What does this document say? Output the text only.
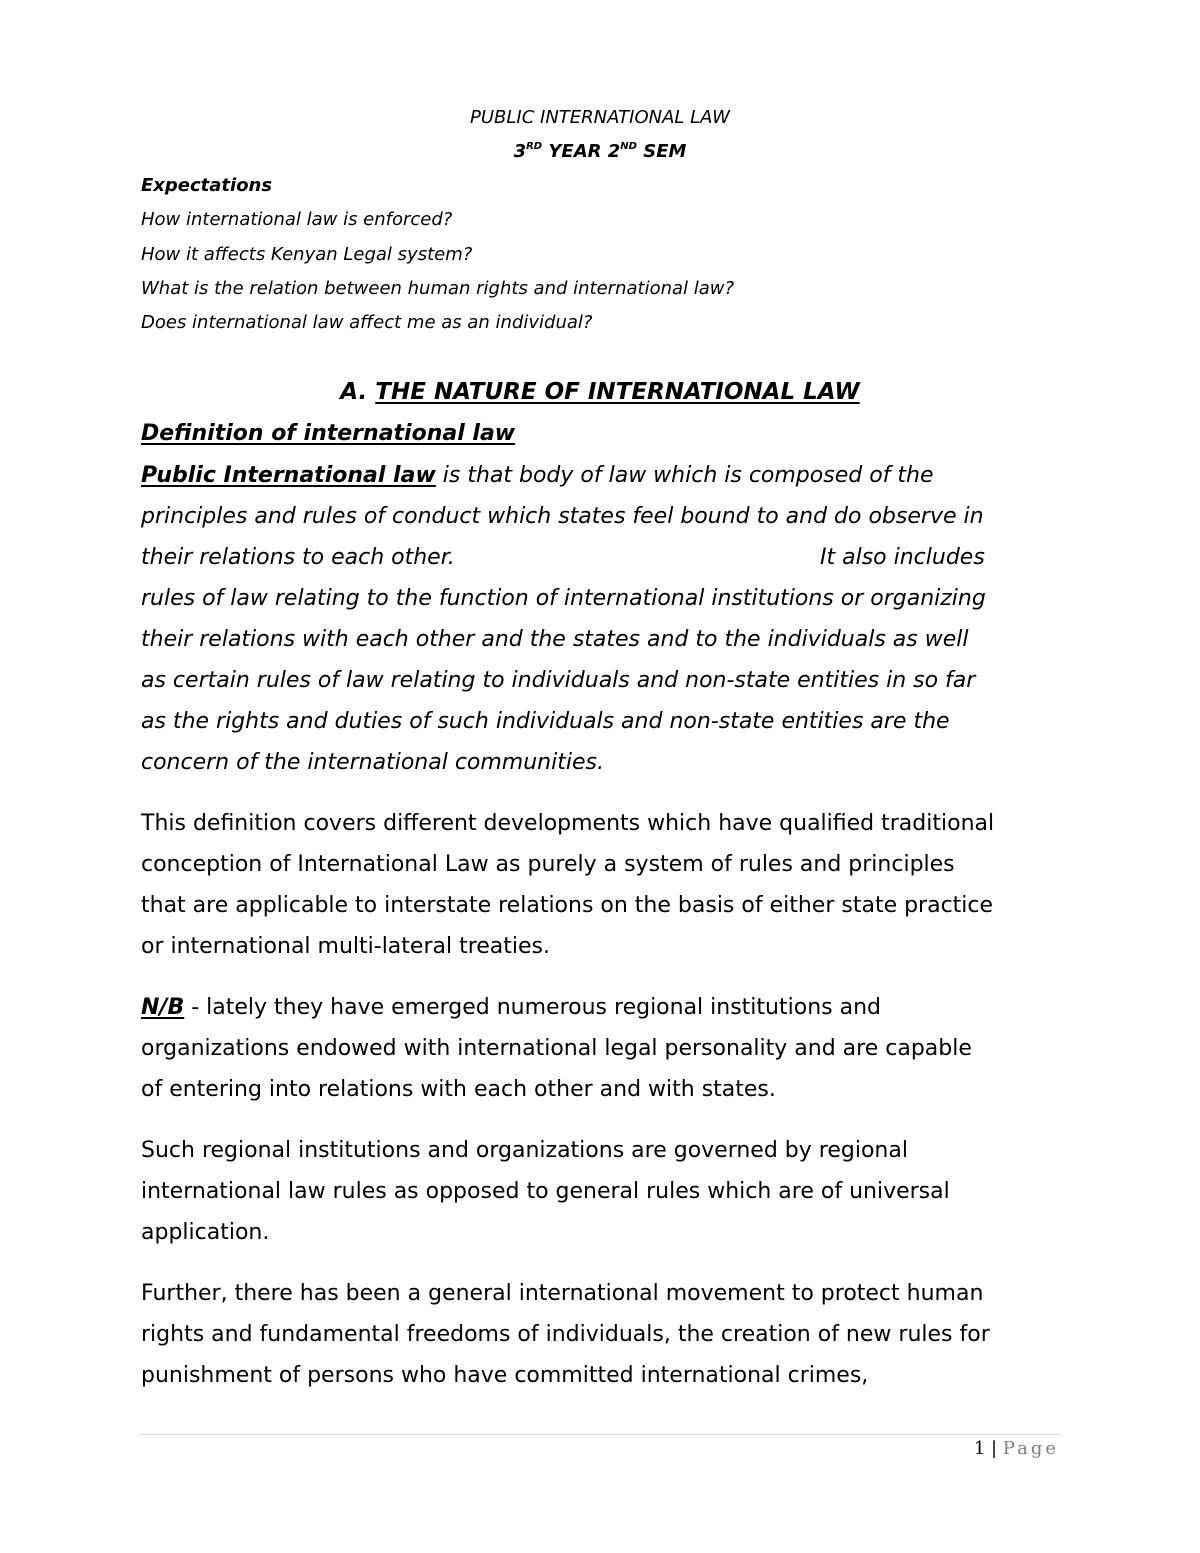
PUBLIC INTERNATIONAL LAW
3RD YEAR 2ND SEM
Expectations
How international law is enforced?
How it affects Kenyan Legal system?
What is the relation between human rights and international law?
Does international law affect me as an individual?
A. THE NATURE OF INTERNATIONAL LAW
Definition of international law
Public International law is that body of law which is composed of the
principles and rules of conduct which states feel bound to and do observe in
their relations to each other.	It also includes
rules of law relating to the function of international institutions or organizing
their relations with each other and the states and to the individuals as well
as certain rules of law relating to individuals and non-state entities in so far
as the rights and duties of such individuals and non-state entities are the
concern of the international communities.
This definition covers different developments which have qualified traditional
conception of International Law as purely a system of rules and principles
that are applicable to interstate relations on the basis of either state practice
or international multi-lateral treaties.
N/B - lately they have emerged numerous regional institutions and
organizations endowed with international legal personality and are capable
of entering into relations with each other and with states.
Such regional institutions and organizations are governed by regional
international law rules as opposed to general rules which are of universal
application.
Further, there has been a general international movement to protect human
rights and fundamental freedoms of individuals, the creation of new rules for
punishment of persons who have committed international crimes,
1 | Page
